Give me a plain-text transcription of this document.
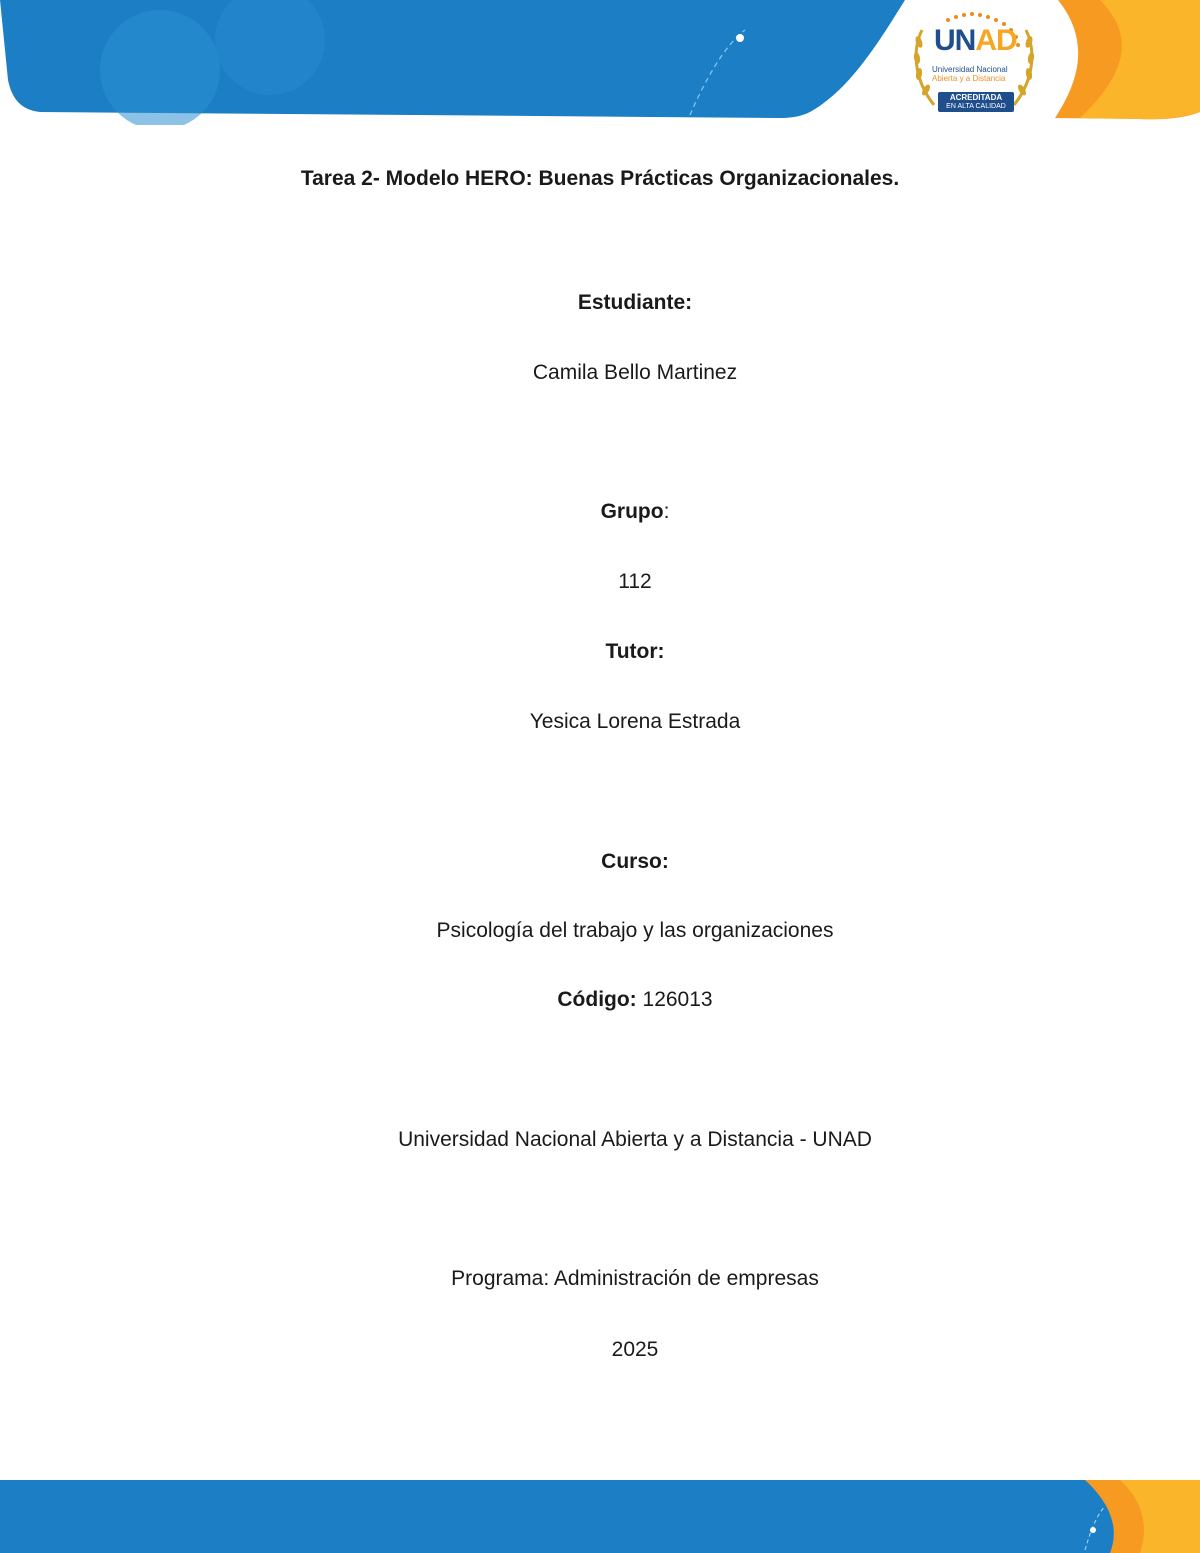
UNAD
Universidad Nacional
Abierta y a Distancia
ACREDITADA
EN ALTA CALIDAD
Tarea 2- Modelo HERO: Buenas Prácticas Organizacionales.
Estudiante:
Camila Bello Martinez
Grupo:
112
Tutor:
Yesica Lorena Estrada
Curso:
Psicología del trabajo y las organizaciones
Código: 126013
Universidad Nacional Abierta y a Distancia - UNAD
Programa: Administración de empresas
2025
